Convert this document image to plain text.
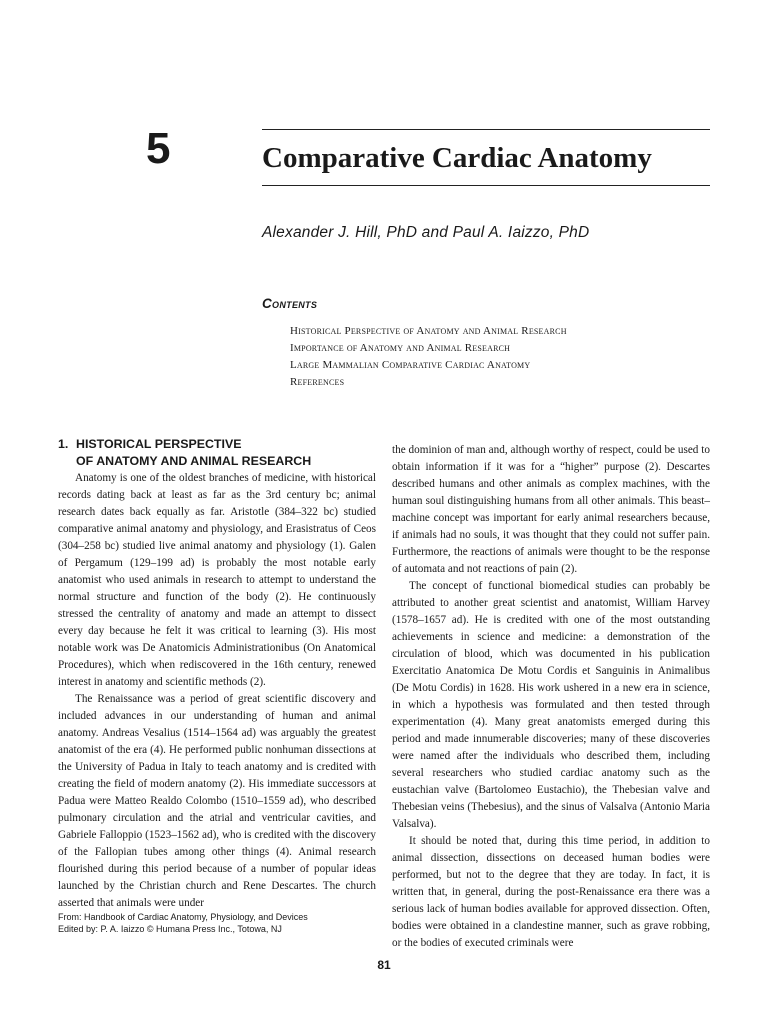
5	Comparative Cardiac Anatomy
Alexander J. Hill, PhD and Paul A. Iaizzo, PhD
Contents
Historical Perspective of Anatomy and Animal Research
Importance of Anatomy and Animal Research
Large Mammalian Comparative Cardiac Anatomy
References
1. HISTORICAL PERSPECTIVE
OF ANATOMY AND ANIMAL RESEARCH

Anatomy is one of the oldest branches of medicine, with historical records dating back at least as far as the 3rd century bc; animal research dates back equally as far. Aristotle (384–322 bc) studied comparative animal anatomy and physiology, and Erasistratus of Ceos (304–258 bc) studied live animal anatomy and physiology (1). Galen of Pergamum (129–199 ad) is probably the most notable early anatomist who used animals in research to attempt to understand the normal structure and function of the body (2). He continuously stressed the centrality of anatomy and made an attempt to dissect every day because he felt it was critical to learning (3). His most notable work was De Anatomicis Administrationibus (On Anatomical Procedures), which when rediscovered in the 16th century, renewed interest in anatomy and scientific methods (2).

The Renaissance was a period of great scientific discovery and included advances in our understanding of human and animal anatomy. Andreas Vesalius (1514–1564 ad) was arguably the greatest anatomist of the era (4). He performed public nonhuman dissections at the University of Padua in Italy to teach anatomy and is credited with creating the field of modern anatomy (2). His immediate successors at Padua were Matteo Realdo Colombo (1510–1559 ad), who described pulmonary circulation and the atrial and ventricular cavities, and Gabriele Falloppio (1523–1562 ad), who is credited with the discovery of the Fallopian tubes among other things (4). Animal research flourished during this period because of a number of popular ideas launched by the Christian church and Rene Descartes. The church asserted that animals were under

the dominion of man and, although worthy of respect, could be used to obtain information if it was for a “higher” purpose (2). Descartes described humans and other animals as complex machines, with the human soul distinguishing humans from all other animals. This beast–machine concept was important for early animal researchers because, if animals had no souls, it was thought that they could not suffer pain. Furthermore, the reactions of animals were thought to be the response of automata and not reactions of pain (2).

The concept of functional biomedical studies can probably be attributed to another great scientist and anatomist, William Harvey (1578–1657 ad). He is credited with one of the most outstanding achievements in science and medicine: a demonstration of the circulation of blood, which was documented in his publication Exercitatio Anatomica De Motu Cordis et Sanguinis in Animalibus (De Motu Cordis) in 1628. His work ushered in a new era in science, in which a hypothesis was formulated and then tested through experimentation (4). Many great anatomists emerged during this period and made innumerable discoveries; many of these discoveries were named after the individuals who described them, including several researchers who studied cardiac anatomy such as the eustachian valve (Bartolomeo Eustachio), the Thebesian valve and Thebesian veins (Thebesius), and the sinus of Valsalva (Antonio Maria Valsalva).

It should be noted that, during this time period, in addition to animal dissection, dissections on deceased human bodies were performed, but not to the degree that they are today. In fact, it is written that, in general, during the post-Renaissance era there was a serious lack of human bodies available for approved dissection. Often, bodies were obtained in a clandestine manner, such as grave robbing, or the bodies of executed criminals were

From: Handbook of Cardiac Anatomy, Physiology, and Devices
Edited by: P. A. Iaizzo © Humana Press Inc., Totowa, NJ
81
